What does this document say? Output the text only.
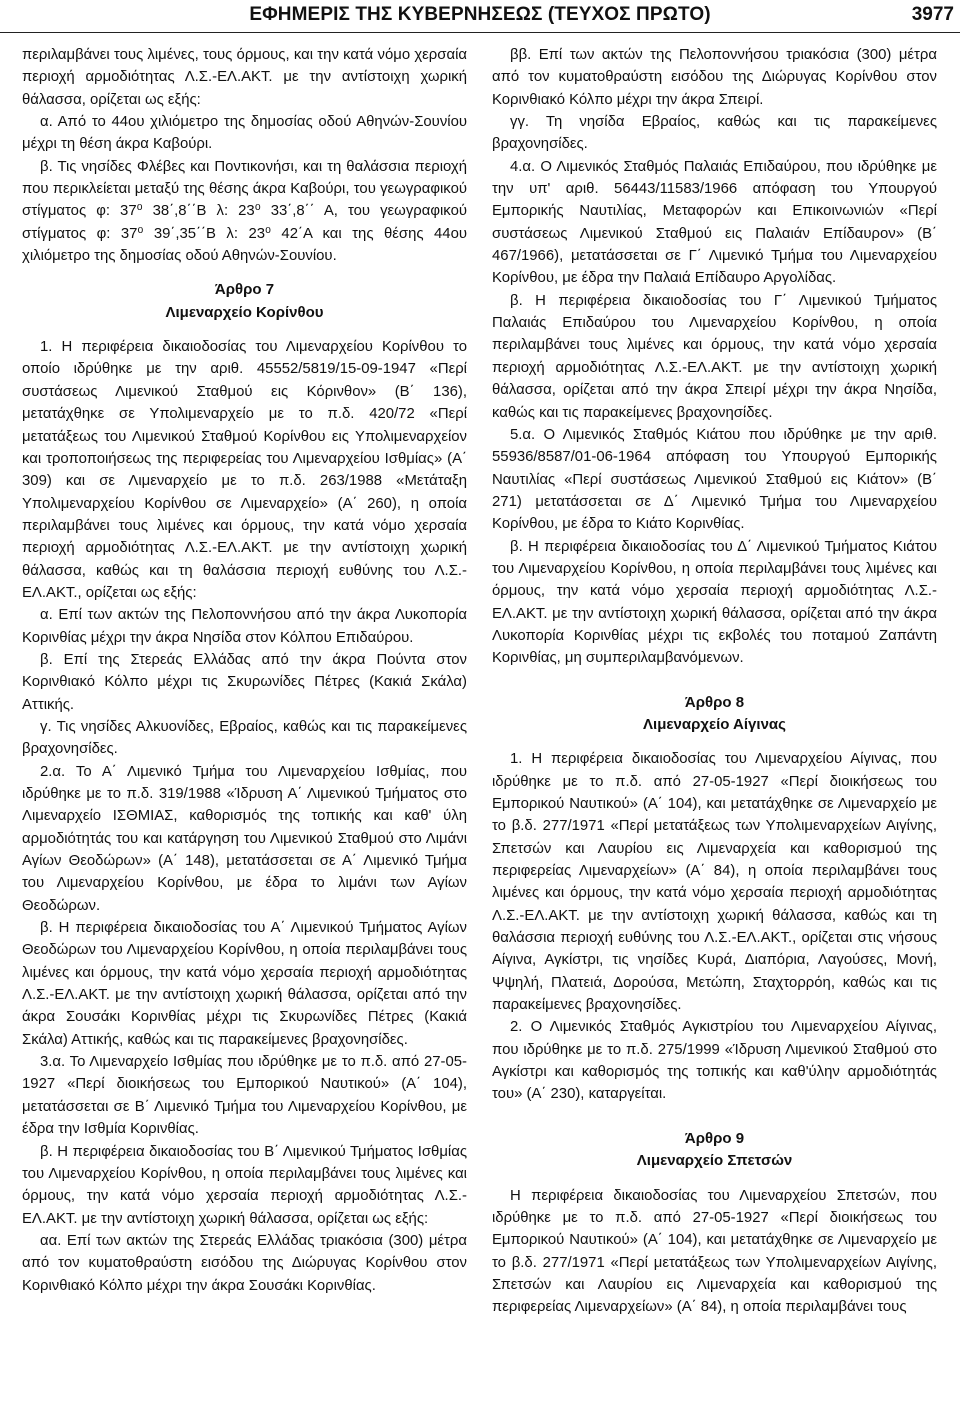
ΕΦΗΜΕΡΙΣ ΤΗΣ ΚΥΒΕΡΝΗΣΕΩΣ (ΤΕΥΧΟΣ ΠΡΩΤΟ)	3977

περιλαμβάνει τους λιμένες, τους όρμους, και την κατά νόμο χερσαία περιοχή αρμοδιότητας Λ.Σ.-ΕΛ.ΑΚΤ. με την αντίστοιχη χωρική θάλασσα, ορίζεται ως εξής:

α. Από το 44ου χιλιόμετρο της δημοσίας οδού Αθηνών-Σουνίου μέχρι τη θέση άκρα Καβούρι.

β. Τις νησίδες Φλέβες και Ποντικονήσι, και τη θαλάσσια περιοχή που περικλείεται μεταξύ της θέσης άκρα Καβούρι, του γεωγραφικού στίγματος φ: 37⁰ 38΄,8΄΄Β λ: 23⁰ 33΄,8΄΄ Α, του γεωγραφικού στίγματος φ: 37⁰ 39΄,35΄΄Β λ: 23⁰ 42΄Α και της θέσης 44ου χιλιόμετρο της δημοσίας οδού Αθηνών-Σουνίου.

Άρθρο 7
Λιμεναρχείο Κορίνθου

1. Η περιφέρεια δικαιοδοσίας του Λιμεναρχείου Κορίνθου το οποίο ιδρύθηκε με την αριθ. 45552/5819/15-09-1947 «Περί συστάσεως Λιμενικού Σταθμού εις Κόρινθον» (Β΄ 136), μετατάχθηκε σε Υπολιμεναρχείο με το π.δ. 420/72 «Περί μετατάξεως του Λιμενικού Σταθμού Κορίνθου εις Υπολιμεναρχείον και τροποποιήσεως της περιφερείας του Λιμεναρχείου Ισθμίας» (Α΄ 309) και σε Λιμεναρχείο με το π.δ. 263/1988 «Μετάταξη Υπολιμεναρχείου Κορίνθου σε Λιμεναρχείο» (Α΄ 260), η οποία περιλαμβάνει τους λιμένες και όρμους, την κατά νόμο χερσαία περιοχή αρμοδιότητας Λ.Σ.-ΕΛ.ΑΚΤ. με την αντίστοιχη χωρική θάλασσα, καθώς και τη θαλάσσια περιοχή ευθύνης του Λ.Σ.-ΕΛ.ΑΚΤ., ορίζεται ως εξής:

α. Επί των ακτών της Πελοποννήσου από την άκρα Λυκοπορία Κορινθίας μέχρι την άκρα Νησίδα στον Κόλπου Επιδαύρου.

β. Επί της Στερεάς Ελλάδας από την άκρα Πούντα στον Κορινθιακό Κόλπο μέχρι τις Σκυρωνίδες Πέτρες (Κακιά Σκάλα) Αττικής.

γ. Τις νησίδες Αλκυονίδες, Εβραίος, καθώς και τις παρακείμενες βραχονησίδες.

2.α. Το Α΄ Λιμενικό Τμήμα του Λιμεναρχείου Ισθμίας, που ιδρύθηκε με το π.δ. 319/1988 «Ίδρυση Α΄ Λιμενικού Τμήματος στο Λιμεναρχείο ΙΣΘΜΙΑΣ, καθορισμός της τοπικής και καθ' ύλη αρμοδιότητάς του και κατάργηση του Λιμενικού Σταθμού στο Λιμάνι Αγίων Θεοδώρων» (Α΄ 148), μετατάσσεται σε Α΄ Λιμενικό Τμήμα του Λιμεναρχείου Κορίνθου, με έδρα το λιμάνι των Αγίων Θεοδώρων.

β. Η περιφέρεια δικαιοδοσίας του Α΄ Λιμενικού Τμήματος Αγίων Θεοδώρων του Λιμεναρχείου Κορίνθου, η οποία περιλαμβάνει τους λιμένες και όρμους, την κατά νόμο χερσαία περιοχή αρμοδιότητας Λ.Σ.-ΕΛ.ΑΚΤ. με την αντίστοιχη χωρική θάλασσα, ορίζεται από την άκρα Σουσάκι Κορινθίας μέχρι τις Σκυρωνίδες Πέτρες (Κακιά Σκάλα) Αττικής, καθώς και τις παρακείμενες βραχονησίδες.

3.α. Το Λιμεναρχείο Ισθμίας που ιδρύθηκε με το π.δ. από 27-05-1927 «Περί διοικήσεως του Εμπορικού Ναυτικού» (Α΄ 104), μετατάσσεται σε Β΄ Λιμενικό Τμήμα του Λιμεναρχείου Κορίνθου, με έδρα την Ισθμία Κορινθίας.

β. Η περιφέρεια δικαιοδοσίας του Β΄ Λιμενικού Τμήματος Ισθμίας του Λιμεναρχείου Κορίνθου, η οποία περιλαμβάνει τους λιμένες και όρμους, την κατά νόμο χερσαία περιοχή αρμοδιότητας Λ.Σ.-ΕΛ.ΑΚΤ. με την αντίστοιχη χωρική θάλασσα, ορίζεται ως εξής:

αα. Επί των ακτών της Στερεάς Ελλάδας τριακόσια (300) μέτρα από τον κυματοθραύστη εισόδου της Διώρυγας Κορίνθου στον Κορινθιακό Κόλπο μέχρι την άκρα Σουσάκι Κορινθίας.

ββ. Επί των ακτών της Πελοποννήσου τριακόσια (300) μέτρα από τον κυματοθραύστη εισόδου της Διώρυγας Κορίνθου στον Κορινθιακό Κόλπο μέχρι την άκρα Σπειρί.

γγ. Τη νησίδα Εβραίος, καθώς και τις παρακείμενες βραχονησίδες.

4.α. Ο Λιμενικός Σταθμός Παλαιάς Επιδαύρου, που ιδρύθηκε με την υπ' αριθ. 56443/11583/1966 απόφαση του Υπουργού Εμπορικής Ναυτιλίας, Μεταφορών και Επικοινωνιών «Περί συστάσεως Λιμενικού Σταθμού εις Παλαιάν Επίδαυρον» (Β΄ 467/1966), μετατάσσεται σε Γ΄ Λιμενικό Τμήμα του Λιμεναρχείου Κορίνθου, με έδρα την Παλαιά Επίδαυρο Αργολίδας.

β. Η περιφέρεια δικαιοδοσίας του Γ΄ Λιμενικού Τμήματος Παλαιάς Επιδαύρου του Λιμεναρχείου Κορίνθου, η οποία περιλαμβάνει τους λιμένες και όρμους, την κατά νόμο χερσαία περιοχή αρμοδιότητας Λ.Σ.-ΕΛ.ΑΚΤ. με την αντίστοιχη χωρική θάλασσα, ορίζεται από την άκρα Σπειρί μέχρι την άκρα Νησίδα, καθώς και τις παρακείμενες βραχονησίδες.

5.α. Ο Λιμενικός Σταθμός Κιάτου που ιδρύθηκε με την αριθ. 55936/8587/01-06-1964 απόφαση του Υπουργού Εμπορικής Ναυτιλίας «Περί συστάσεως Λιμενικού Σταθμού εις Κιάτον» (Β΄ 271) μετατάσσεται σε Δ΄ Λιμενικό Τμήμα του Λιμεναρχείου Κορίνθου, με έδρα το Κιάτο Κορινθίας.

β. Η περιφέρεια δικαιοδοσίας του Δ΄ Λιμενικού Τμήματος Κιάτου του Λιμεναρχείου Κορίνθου, η οποία περιλαμβάνει τους λιμένες και όρμους, την κατά νόμο χερσαία περιοχή αρμοδιότητας Λ.Σ.-ΕΛ.ΑΚΤ. με την αντίστοιχη χωρική θάλασσα, ορίζεται από την άκρα Λυκοπορία Κορινθίας μέχρι τις εκβολές του ποταμού Ζαπάντη Κορινθίας, μη συμπεριλαμβανόμενων.

Άρθρο 8
Λιμεναρχείο Αίγινας

1. Η περιφέρεια δικαιοδοσίας του Λιμεναρχείου Αίγινας, που ιδρύθηκε με το π.δ. από 27-05-1927 «Περί διοικήσεως του Εμπορικού Ναυτικού» (Α΄ 104), και μετατάχθηκε σε Λιμεναρχείο με το β.δ. 277/1971 «Περί μετατάξεως των Υπολιμεναρχείων Αιγίνης, Σπετσών και Λαυρίου εις Λιμεναρχεία και καθορισμού της περιφερείας Λιμεναρχείων» (Α΄ 84), η οποία περιλαμβάνει τους λιμένες και όρμους, την κατά νόμο χερσαία περιοχή αρμοδιότητας Λ.Σ.-ΕΛ.ΑΚΤ. με την αντίστοιχη χωρική θάλασσα, καθώς και τη θαλάσσια περιοχή ευθύνης του Λ.Σ.-ΕΛ.ΑΚΤ., ορίζεται στις νήσους Αίγινα, Αγκίστρι, τις νησίδες Κυρά, Διαπόρια, Λαγούσες, Μονή, Ψψηλή, Πλατειά, Δορούσα, Μετώπη, Σταχτορρόη, καθώς και τις παρακείμενες βραχονησίδες.

2. Ο Λιμενικός Σταθμός Αγκιστρίου του Λιμεναρχείου Αίγινας, που ιδρύθηκε με το π.δ. 275/1999 «Ίδρυση Λιμενικού Σταθμού στο Αγκίστρι και καθορισμός της τοπικής και καθ'ύλην αρμοδιότητάς του» (Α΄ 230), καταργείται.

Άρθρο 9
Λιμεναρχείο Σπετσών

Η περιφέρεια δικαιοδοσίας του Λιμεναρχείου Σπετσών, που ιδρύθηκε με το π.δ. από 27-05-1927 «Περί διοικήσεως του Εμπορικού Ναυτικού» (Α΄ 104), και μετατάχθηκε σε Λιμεναρχείο με το β.δ. 277/1971 «Περί μετατάξεως των Υπολιμεναρχείων Αιγίνης, Σπετσών και Λαυρίου εις Λιμεναρχεία και καθορισμού της περιφερείας Λιμεναρχείων» (Α΄ 84), η οποία περιλαμβάνει τους
